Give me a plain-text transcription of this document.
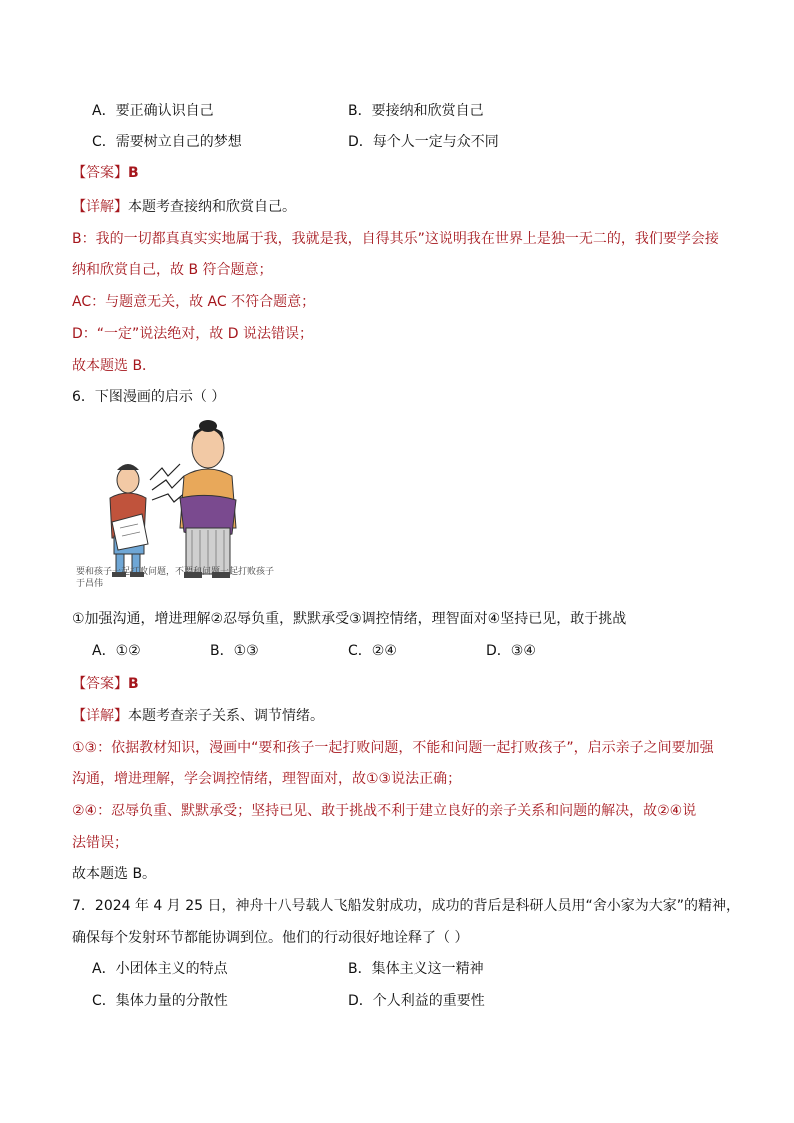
A．要正确认识自己	B．要接纳和欣赏自己
C．需要树立自己的梦想	D．每个人一定与众不同
【答案】B
【详解】本题考查接纳和欣赏自己。
B：我的一切都真真实实地属于我，我就是我，自得其乐”这说明我在世界上是独一无二的，我们要学会接
纳和欣赏自己，故 B 符合题意；
AC：与题意无关，故 AC 不符合题意；
D：“一定”说法绝对，故 D 说法错误；
故本题选 B．
6．下图漫画的启示（ ）
要和孩子一起打败问题，不要和问题一起打败孩子 于昌伟
①加强沟通，增进理解②忍辱负重，默默承受③调控情绪，理智面对④坚持已见，敢于挑战
A．①②	B．①③	C．②④	D．③④
【答案】B
【详解】本题考查亲子关系、调节情绪。
①③：依据教材知识，漫画中“要和孩子一起打败问题，不能和问题一起打败孩子”，启示亲子之间要加强
沟通，增进理解，学会调控情绪，理智面对，故①③说法正确；
②④：忍辱负重、默默承受；坚持已见、敢于挑战不利于建立良好的亲子关系和问题的解决，故②④说
法错误；
故本题选 B。
7．2024 年 4 月 25 日，神舟十八号载人飞船发射成功，成功的背后是科研人员用“舍小家为大家”的精神，
确保每个发射环节都能协调到位。他们的行动很好地诠释了（ ）
A．小团体主义的特点	B．集体主义这一精神
C．集体力量的分散性	D．个人利益的重要性
